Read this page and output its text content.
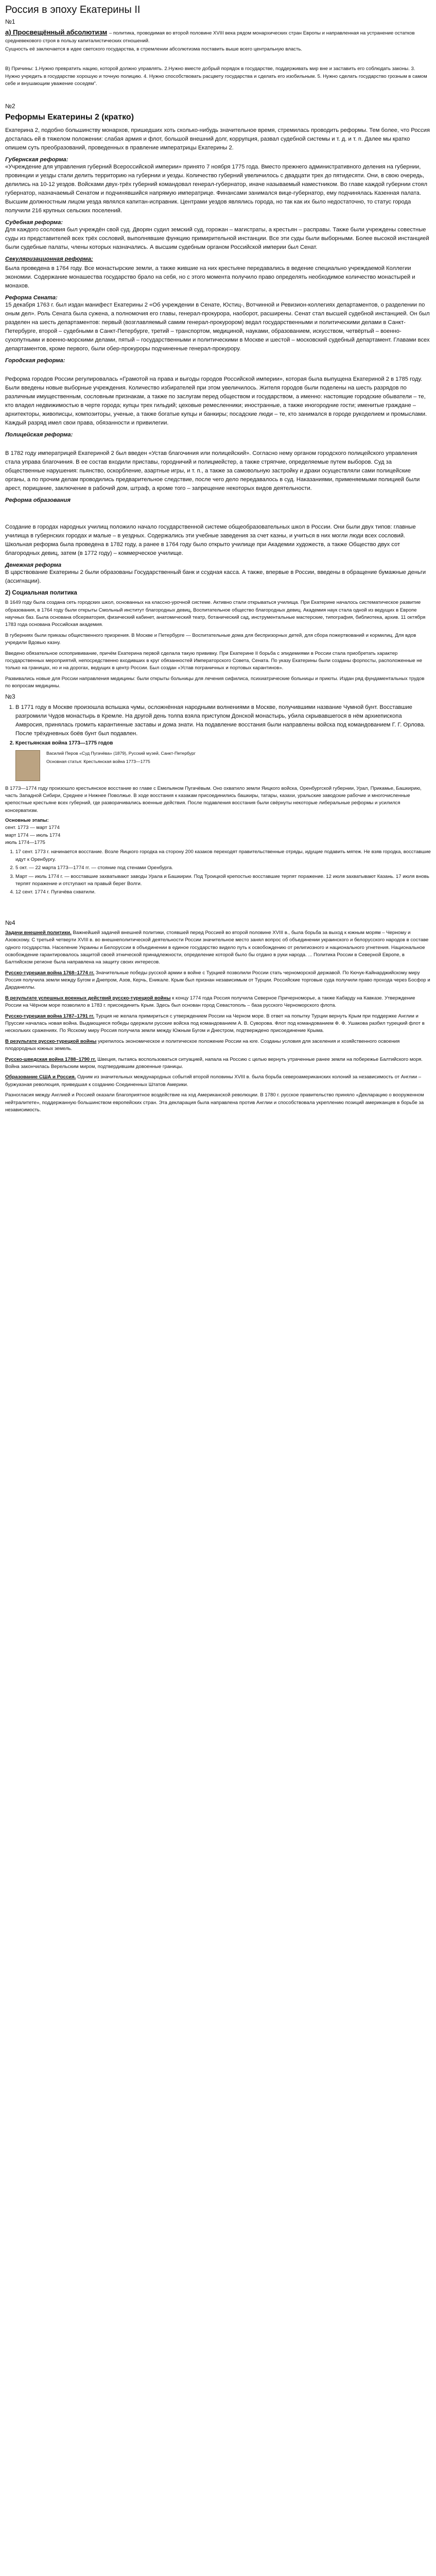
Россия в эпоху Екатерины II
№1
а) Просвещённый абсолютизм – политика, проводимая во второй половине XVIII века рядом монархических стран Европы и направленная на устранение остатков средневекового строя в пользу капиталистических отношений.

Сущность её заключается в идее светского государства, в стремлении абсолютизма поставить выше всего центральную власть.

В) Причины: 1.Нужно превратить нацию, которой должно управлять. 2.Нужно вместе добрый порядок в государстве, поддерживать мир вне и заставить его соблюдать законы. 3. Нужно учредить в государстве хорошую и точную полицию. 4. Нужно способствовать расцвету государства и сделать его изобильным. 5. Нужно сделать государство грозным в самом себе и внушающим уважение соседям".

№2
Реформы Екатерины 2 (кратко)

Екатерина 2, подобно большинству монархов, пришедших хоть сколько-нибудь значительное время, стремилась проводить реформы. Тем более, что Россия досталась ей в тяжелом положении: слабая армия и флот, большой внешний долг, коррупция, развал судебной системы и т. д. и т. п. Далее мы кратко опишем суть преобразований, проведенных в правление императрицы Екатерины 2.

Губернская реформа:

«Учреждение для управления губерний Всероссийской империи» принято 7 ноября 1775 года. Вместо прежнего административного деления на губернии, провинции и уезды стали делить территорию на губернии и уезды. Количество губерний увеличилось с двадцати трех до пятидесяти. Они, в свою очередь, делились на 10-12 уездов. Войсками двух-трёх губерний командовал генерал-губернатор, иначе называемый наместником. Во главе каждой губернии стоял губернатор, назначаемый Сенатом и подчинявшийся напрямую императрице. Финансами занимался вице-губернатор, ему подчинялась Казенная палата. Высшим должностным лицом уезда являлся капитан-исправник. Центрами уездов являлись города, но так как их было недостаточно, то статус города получили 216 крупных сельских поселений.

Судебная реформа:

Для каждого сословия был учреждён свой суд. Дворян судил земский суд, горожан – магистраты, а крестьян – расправы. Также были учреждены совестные суды из представителей всех трёх сословий, выполнявшие функцию примирительной инстанции. Все эти суды были выборными. Более высокой инстанцией были судебные палаты, члены которых назначались. А высшим судебным органом Российской империи был Сенат.

Секуляризационная реформа:

Была проведена в 1764 году. Все монастырские земли, а также жившие на них крестьяне передавались в ведение специально учреждаемой Коллегии экономии. Содержание монашества государство брало на себя, но с этого момента получило право определять необходимое количество монастырей и монахов.

Реформа Сената:

15 декабря 1763 г. был издан манифест Екатерины 2 «Об учреждении в Сенате, Юстиц-, Вотчинной и Ревизион-коллегиях департаментов, о разделении по оным дел». Роль Сената была сужена, а полномочия его главы, генерал-прокурора, наоборот, расширены. Сенат стал высшей судебной инстанцией. Он был разделен на шесть департаментов: первый (возглавляемый самим генерал-прокурором) ведал государственными и политическими делами в Санкт-Петербурге, второй – судебными в Санкт-Петербурге, третий – транспортом, медициной, науками, образованием, искусством, четвёртый – военно-сухопутными и военно-морскими делами, пятый – государственными и политическими в Москве и шестой – московский судебный департамент. Главами всех департаментов, кроме первого, были обер-прокуроры подчиненные генерал-прокурору.

Городская реформа:

Реформа городов России регулировалась «Грамотой на права и выгоды городов Российской империи», которая была выпущена Екатериной 2 в 1785 году. Были введены новые выборные учреждения. Количество избирателей при этом увеличилось. Жителя городов были поделены на шесть разрядов по различным имущественным, сословным признакам, а также по заслугам перед обществом и государством, а именно: настоящие городские обыватели – те, кто владел недвижимостью в черте города; купцы трех гильдий; цеховые ремесленники; иностранные, а также иногородние гости; именитые граждане – архитекторы, живописцы, композиторы, ученые, а также богатые купцы и банкиры; посадские люди – те, кто занимался в городе рукоделием и промыслами. Каждый разряд имел свои права, обязанности и привилегии.

Полицейская реформа:

В 1782 году императрицей Екатериной 2 был введен «Устав благочиния или полицейский». Согласно нему органом городского полицейского управления стала управа благочиния. В ее состав входили приставы, городничий и полицмейстер, а также стряпчие, определяемые путем выборов. Суд за общественные нарушения: пьянство, оскорбление, азартные игры, и т. п., а также за самовольную застройку и драки осуществляли сами полицейские органы, а по прочим делам проводились предварительное следствие, после чего дело передавалось в суд. Наказаниями, применяемыми полицией были арест, порицание, заключение в рабочий дом, штраф, а кроме того – запрещение некоторых видов деятельности.

Реформа образования

Создание в городах народных училищ положило начало государственной системе общеобразовательных школ в России. Они были двух типов: главные училища в губернских городах и малые – в уездных. Содержались эти учебные заведения за счет казны, и учиться в них могли люди всех сословий. Школьная реформа была проведена в 1782 году, а ранее в 1764 году было открыто училище при Академии художеств, а также Общество двух сот благородных девиц, затем (в 1772 году) – коммерческое училище.

Денежная реформа

В царствование Екатерины 2 были образованы Государственный банк и ссудная касса. А также, впервые в России, введены в обращение бумажные деньги (ассигнации).

2) Социальная политика

В 1649 году была создана сеть городских школ, основанных на классно-урочной системе. Активно стали открываться училища. При Екатерине началось систематическое развитие образования, в 1764 году были открыты Смольный институт благородных девиц, Воспитательное общество благородных девиц. Академия наук стала одной из ведущих в Европе научных баз. Была основана обсерватория, физический кабинет, анатомический театр, ботанический сад, инструментальные мастерские, типография, библиотека, архив. 11 октября 1783 года основана Российская академия.

В губерниях были приказы общественного призрения. В Москве и Петербурге — Воспитательные дома для беспризорных детей, для сбора пожертвований и кормилиц. Для вдов учредили Вдовью казну.

Введено обязательное оспопрививание, причём Екатерина первой сделала такую прививку. При Екатерине II борьба с эпидемиями в России стала приобретать характер государственных мероприятий, непосредственно входивших в круг обязанностей Императорского Совета, Сената. По указу Екатерины были созданы форпосты, расположенные не только на границах, но и на дорогах, ведущих в центр России. Был создан «Устав пограничных и портовых карантинов».

Развивались новые для России направления медицины: были открыты больницы для лечения сифилиса, психиатрические больницы и приюты. Издан ряд фундаментальных трудов по вопросам медицины.

№3
1. В 1771 году в Москве произошла вспышка чумы, осложнённая народными волнениями в Москве, получившими название Чумной бунт. Восставшие разгромили Чудов монастырь в Кремле. На другой день толпа взяла приступом Донской монастырь, убила скрывавшегося в нём архиепископа Амвросия, принялась громить карантинные заставы и дома знати. На подавление восстания были направлены войска под командованием Г. Г. Орлова. После трёхдневных боёв бунт был подавлен.
2. Крестьянская война 1773—1775 годов
Василий Перов «Суд Пугачёва» (1879), Русский музей, Санкт-Петербург
Основная статья: Крестьянская война 1773—1775

В 1773—1774 году произошло крестьянское восстание во главе с Емельяном Пугачёвым. Оно охватило земли Яицкого войска, Оренбургской губернии, Урал, Прикамье, Башкирию, часть Западной Сибири, Среднее и Нижнее Поволжье. В ходе восстания к казакам присоединились башкиры, татары, казахи, уральские заводские рабочие и многочисленные крепостные крестьяне всех губерний, где разворачивались военные действия. После подавления восстания были свёрнуты некоторые либеральные реформы и усилился консерватизм.

Основные этапы:
сент. 1773 — март 1774
март 1774 — июль 1774
июль 1774—1775
1. 17 сент. 1773 г. начинается восстание. Возле Яицкого городка на сторону 200 казаков переходят правительственные отряды, идущие подавить мятеж. Не взяв городка, восставшие идут к Оренбургу.
2. 5 окт. — 22 марта 1773—1774 гг. — стояние под стенами Оренбурга.
3. Март — июль 1774 г. — восставшие захватывают заводы Урала и Башкирии. Под Троицкой крепостью восставшие терпят поражение. 12 июля захватывают Казань. 17 июля вновь терпят поражение и отступают на правый берег Волги.
4. 12 сент. 1774 г. Пугачёва схватили.
№4

Задачи внешней политики. Важнейшей задачей внешней политики, стоявшей перед Россией во второй половине XVIII в., была борьба за выход к южным морям – Черному и Азовскому. С третьей четверти XVIII в. во внешнеполитической деятельности России значительное место занял вопрос об объединении украинского и белорусского народов в составе одного государства. Население Украины и Белоруссии в объединении в единое государство видело путь к освобождению от религиозного и национального угнетения. Национальное освобождение гарантировалось защитой своей этнической принадлежности, определение которой было бы отдано в руки народа. ... Политика России в Северной Европе, в Балтийском регионе была направлена на защиту своих интересов.

Русско-турецкая война 1768–1774 гг. Значительные победы русской армии в войне с Турцией позволили России стать черноморской державой. По Кючук-Кайнарджийскому миру Россия получила земли между Бугом и Днепром, Азов, Керчь, Еникале. Крым был признан независимым от Турции. Российские торговые суда получили право прохода через Босфор и Дарданеллы.

В результате успешных военных действий русско-турецкой войны к концу 1774 года Россия получила Северное Причерноморье, а также Кабарду на Кавказе. Утверждение России на Чёрном море позволило в 1783 г. присоединить Крым. Здесь был основан город Севастополь – база русского Черноморского флота.

Русско-турецкая война 1787–1791 гг. Турция не желала примириться с утверждением России на Черном море. В ответ на попытку Турции вернуть Крым при поддержке Англии и Пруссии началась новая война. Выдающиеся победы одержали русские войска под командованием А. В. Суворова. Флот под командованием Ф. Ф. Ушакова разбил турецкий флот в нескольких сражениях. По Ясскому миру Россия получила земли между Южным Бугом и Днестром, подтверждено присоединение Крыма.

В результате русско-турецкой войны укрепилось экономическое и политическое положение России на юге. Созданы условия для заселения и хозяйственного освоения плодородных южных земель.

Русско-шведская война 1788–1790 гг. Швеция, пытаясь воспользоваться ситуацией, напала на Россию с целью вернуть утраченные ранее земли на побережье Балтийского моря. Война закончилась Верельским миром, подтвердившим довоенные границы.

Образование США и Россия. Одним из значительных международных событий второй половины XVIII в. была борьба североамериканских колоний за независимость от Англии – буржуазная революция, приведшая к созданию Соединенных Штатов Америки.

Разногласия между Англией и Россией оказали благоприятное воздействие на ход Американской революции. В 1780 г. русское правительство приняло «Декларацию о вооруженном нейтралитете», поддержанную большинством европейских стран. Эта декларация была направлена против Англии и способствовала укреплению позиций американцев в борьбе за независимость.
